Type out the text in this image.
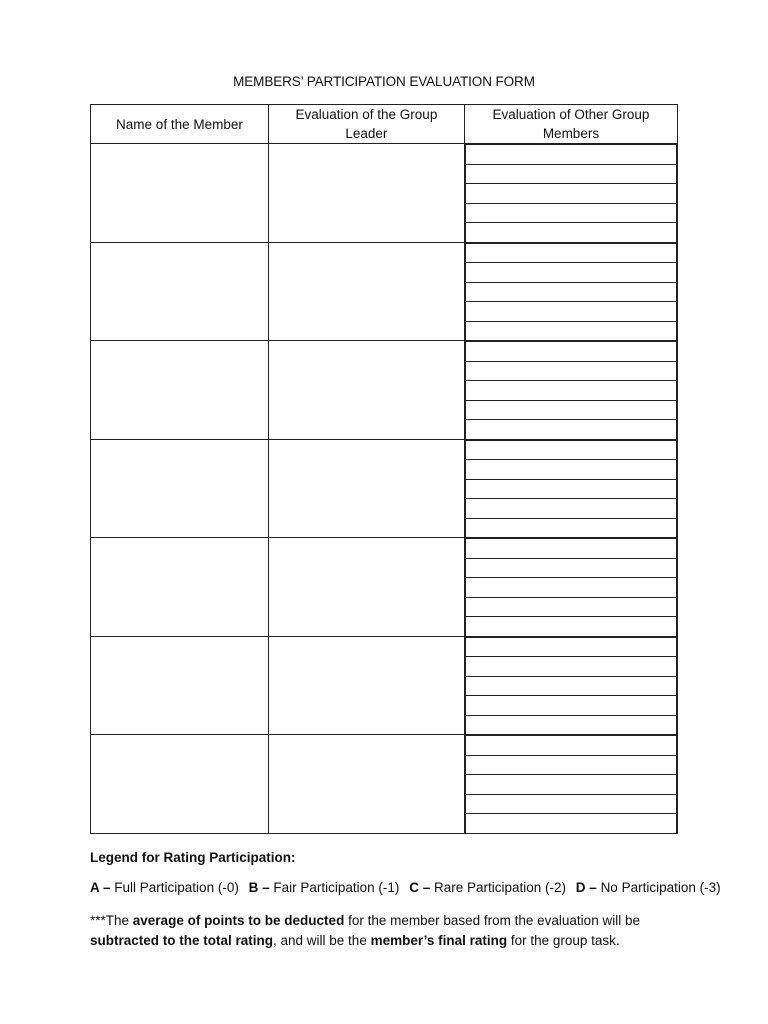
MEMBERS’ PARTICIPATION EVALUATION FORM
Name of the Member	Evaluation of the Group Leader	Evaluation of Other Group Members

Legend for Rating Participation:
A – Full Participation (-0) B – Fair Participation (-1) C – Rare Participation (-2) D – No Participation (-3)
***The average of points to be deducted for the member based from the evaluation will be subtracted to the total rating, and will be the member’s final rating for the group task.
